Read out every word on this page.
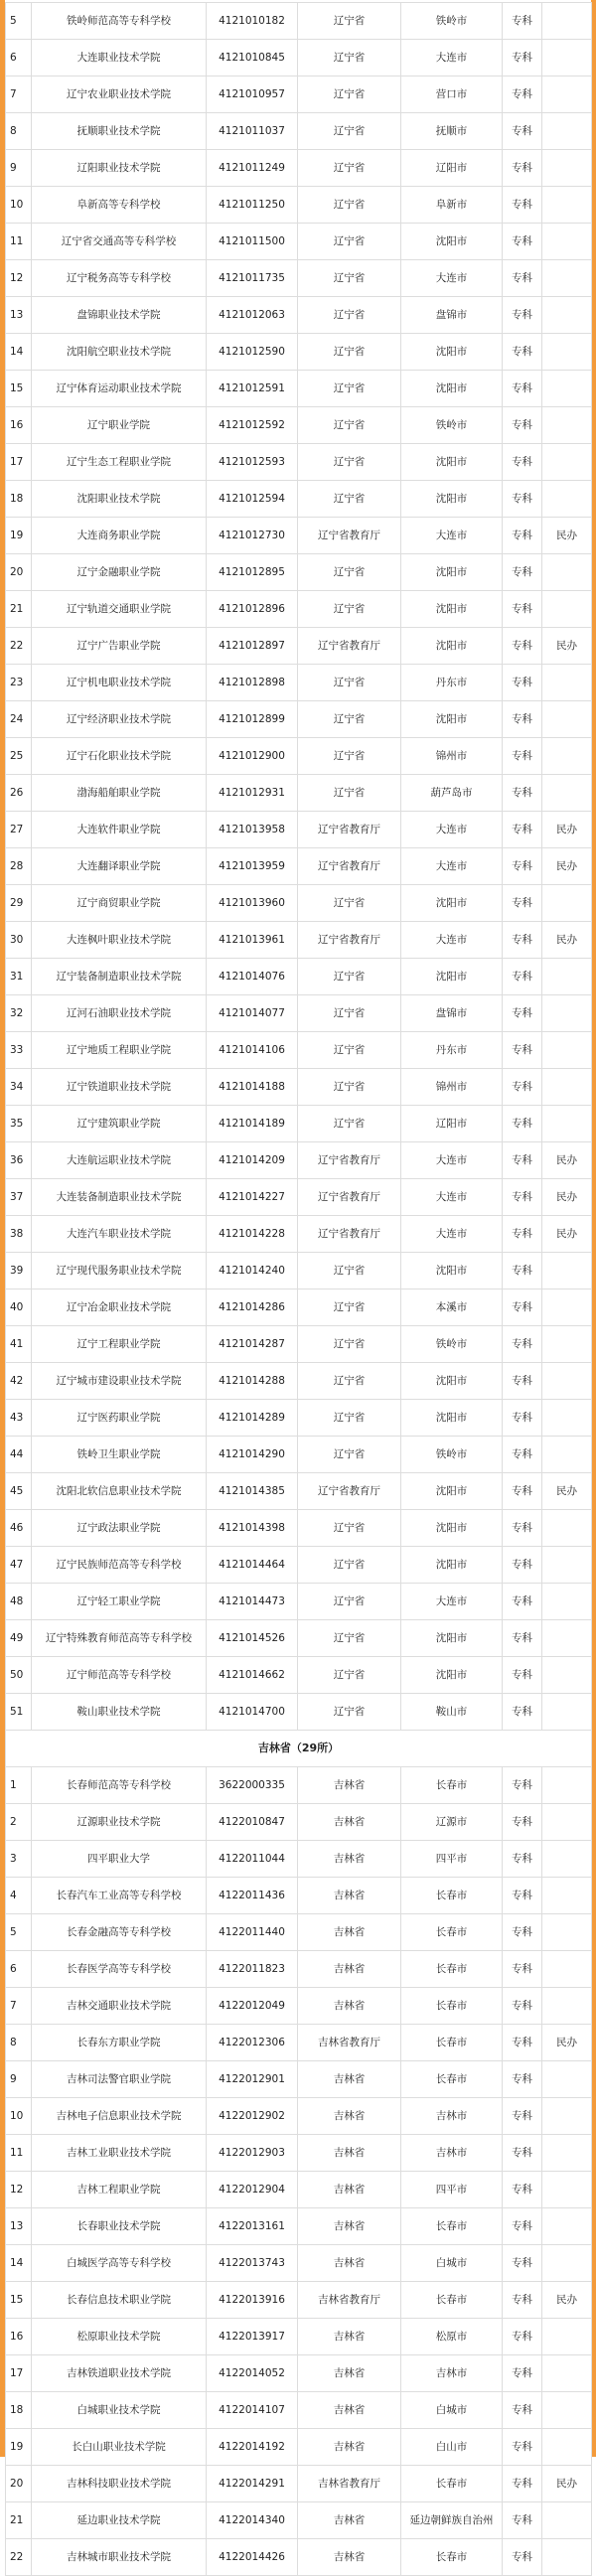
5	铁岭师范高等专科学校	4121010182	辽宁省	铁岭市	专科	
6	大连职业技术学院	4121010845	辽宁省	大连市	专科	
7	辽宁农业职业技术学院	4121010957	辽宁省	营口市	专科	
8	抚顺职业技术学院	4121011037	辽宁省	抚顺市	专科	
9	辽阳职业技术学院	4121011249	辽宁省	辽阳市	专科	
10	阜新高等专科学校	4121011250	辽宁省	阜新市	专科	
11	辽宁省交通高等专科学校	4121011500	辽宁省	沈阳市	专科	
12	辽宁税务高等专科学校	4121011735	辽宁省	大连市	专科	
13	盘锦职业技术学院	4121012063	辽宁省	盘锦市	专科	
14	沈阳航空职业技术学院	4121012590	辽宁省	沈阳市	专科	
15	辽宁体育运动职业技术学院	4121012591	辽宁省	沈阳市	专科	
16	辽宁职业学院	4121012592	辽宁省	铁岭市	专科	
17	辽宁生态工程职业学院	4121012593	辽宁省	沈阳市	专科	
18	沈阳职业技术学院	4121012594	辽宁省	沈阳市	专科	
19	大连商务职业学院	4121012730	辽宁省教育厅	大连市	专科	民办
20	辽宁金融职业学院	4121012895	辽宁省	沈阳市	专科	
21	辽宁轨道交通职业学院	4121012896	辽宁省	沈阳市	专科	
22	辽宁广告职业学院	4121012897	辽宁省教育厅	沈阳市	专科	民办
23	辽宁机电职业技术学院	4121012898	辽宁省	丹东市	专科	
24	辽宁经济职业技术学院	4121012899	辽宁省	沈阳市	专科	
25	辽宁石化职业技术学院	4121012900	辽宁省	锦州市	专科	
26	渤海船舶职业学院	4121012931	辽宁省	葫芦岛市	专科	
27	大连软件职业学院	4121013958	辽宁省教育厅	大连市	专科	民办
28	大连翻译职业学院	4121013959	辽宁省教育厅	大连市	专科	民办
29	辽宁商贸职业学院	4121013960	辽宁省	沈阳市	专科	
30	大连枫叶职业技术学院	4121013961	辽宁省教育厅	大连市	专科	民办
31	辽宁装备制造职业技术学院	4121014076	辽宁省	沈阳市	专科	
32	辽河石油职业技术学院	4121014077	辽宁省	盘锦市	专科	
33	辽宁地质工程职业学院	4121014106	辽宁省	丹东市	专科	
34	辽宁铁道职业技术学院	4121014188	辽宁省	锦州市	专科	
35	辽宁建筑职业学院	4121014189	辽宁省	辽阳市	专科	
36	大连航运职业技术学院	4121014209	辽宁省教育厅	大连市	专科	民办
37	大连装备制造职业技术学院	4121014227	辽宁省教育厅	大连市	专科	民办
38	大连汽车职业技术学院	4121014228	辽宁省教育厅	大连市	专科	民办
39	辽宁现代服务职业技术学院	4121014240	辽宁省	沈阳市	专科	
40	辽宁冶金职业技术学院	4121014286	辽宁省	本溪市	专科	
41	辽宁工程职业学院	4121014287	辽宁省	铁岭市	专科	
42	辽宁城市建设职业技术学院	4121014288	辽宁省	沈阳市	专科	
43	辽宁医药职业学院	4121014289	辽宁省	沈阳市	专科	
44	铁岭卫生职业学院	4121014290	辽宁省	铁岭市	专科	
45	沈阳北软信息职业技术学院	4121014385	辽宁省教育厅	沈阳市	专科	民办
46	辽宁政法职业学院	4121014398	辽宁省	沈阳市	专科	
47	辽宁民族师范高等专科学校	4121014464	辽宁省	沈阳市	专科	
48	辽宁轻工职业学院	4121014473	辽宁省	大连市	专科	
49	辽宁特殊教育师范高等专科学校	4121014526	辽宁省	沈阳市	专科	
50	辽宁师范高等专科学校	4121014662	辽宁省	沈阳市	专科	
51	鞍山职业技术学院	4121014700	辽宁省	鞍山市	专科	
吉林省（29所）						
1	长春师范高等专科学校	3622000335	吉林省	长春市	专科	
2	辽源职业技术学院	4122010847	吉林省	辽源市	专科	
3	四平职业大学	4122011044	吉林省	四平市	专科	
4	长春汽车工业高等专科学校	4122011436	吉林省	长春市	专科	
5	长春金融高等专科学校	4122011440	吉林省	长春市	专科	
6	长春医学高等专科学校	4122011823	吉林省	长春市	专科	
7	吉林交通职业技术学院	4122012049	吉林省	长春市	专科	
8	长春东方职业学院	4122012306	吉林省教育厅	长春市	专科	民办
9	吉林司法警官职业学院	4122012901	吉林省	长春市	专科	
10	吉林电子信息职业技术学院	4122012902	吉林省	吉林市	专科	
11	吉林工业职业技术学院	4122012903	吉林省	吉林市	专科	
12	吉林工程职业学院	4122012904	吉林省	四平市	专科	
13	长春职业技术学院	4122013161	吉林省	长春市	专科	
14	白城医学高等专科学校	4122013743	吉林省	白城市	专科	
15	长春信息技术职业学院	4122013916	吉林省教育厅	长春市	专科	民办
16	松原职业技术学院	4122013917	吉林省	松原市	专科	
17	吉林铁道职业技术学院	4122014052	吉林省	吉林市	专科	
18	白城职业技术学院	4122014107	吉林省	白城市	专科	
19	长白山职业技术学院	4122014192	吉林省	白山市	专科	
20	吉林科技职业技术学院	4122014291	吉林省教育厅	长春市	专科	民办
21	延边职业技术学院	4122014340	吉林省	延边朝鲜族自治州	专科	
22	吉林城市职业技术学院	4122014426	吉林省	长春市	专科	
